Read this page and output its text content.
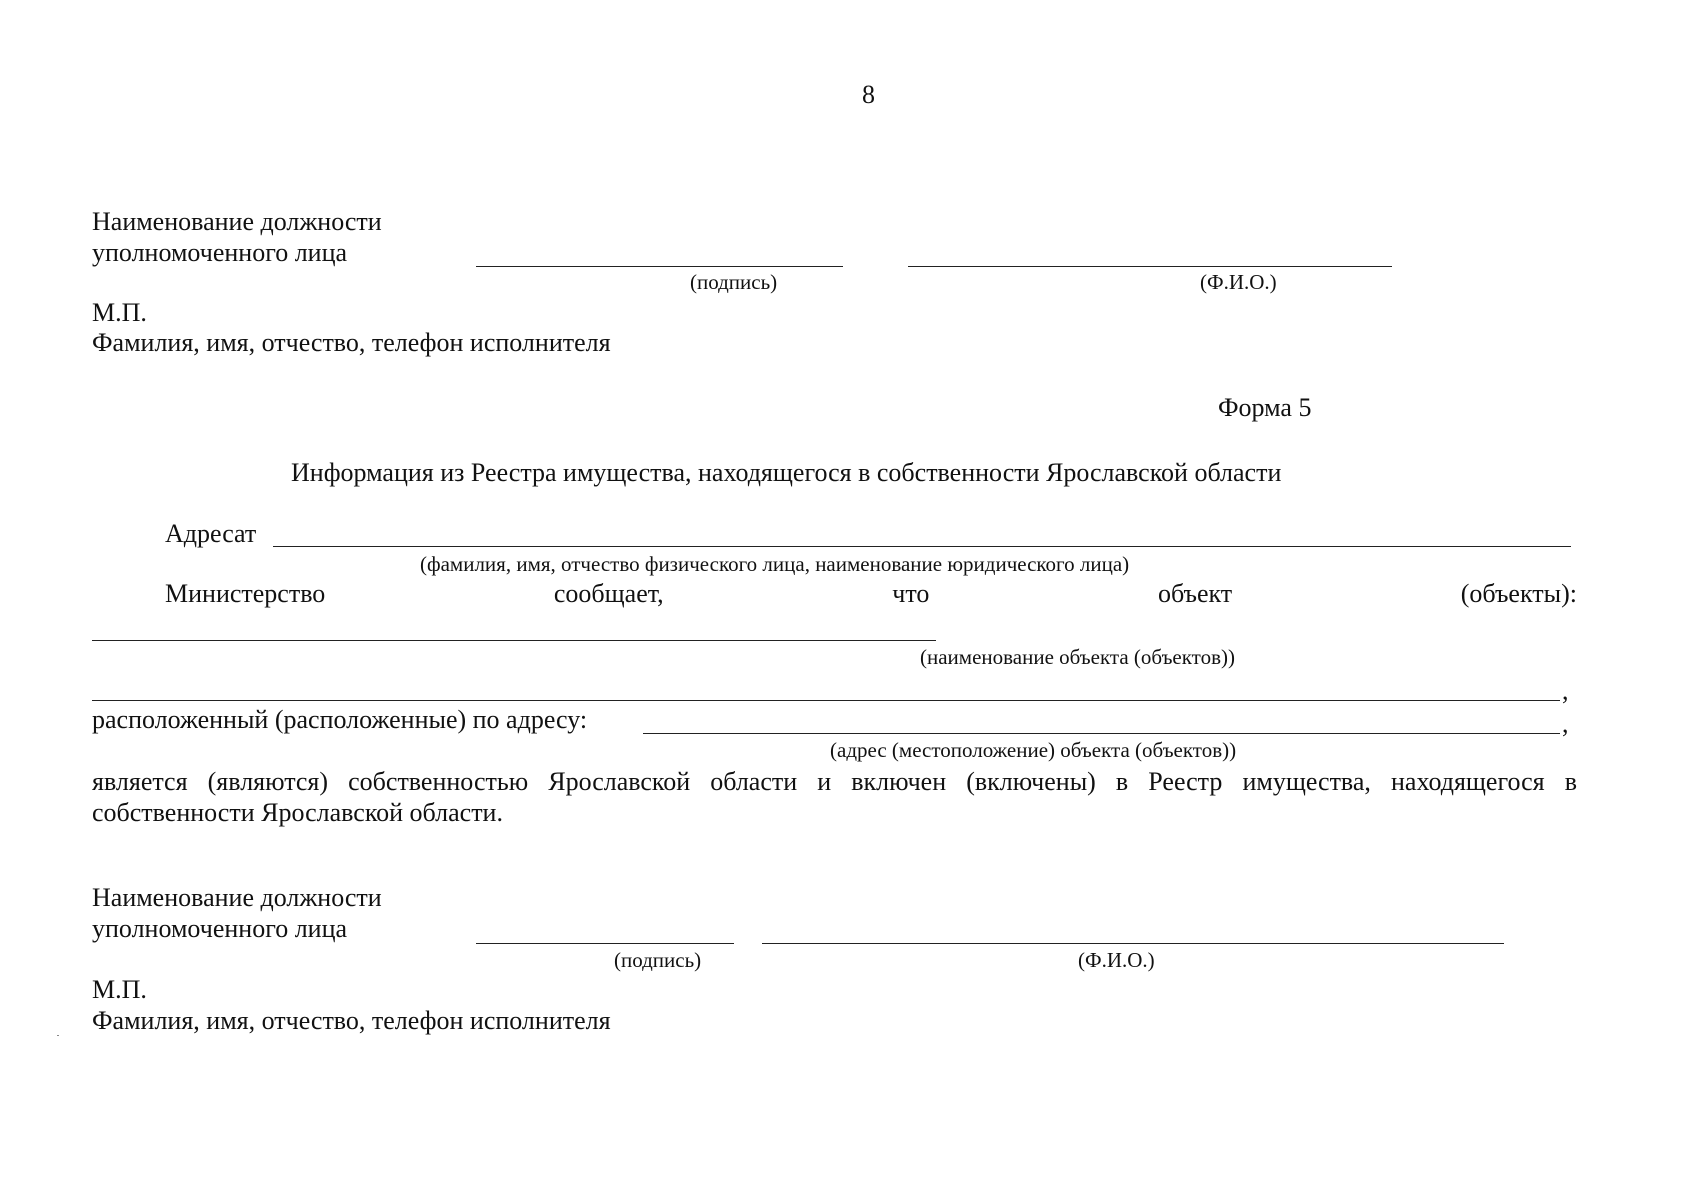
8
Наименование должности
уполномоченного лица
(подпись)	(Ф.И.О.)
М.П.
Фамилия, имя, отчество, телефон исполнителя
Форма 5
Информация из Реестра имущества, находящегося в собственности Ярославской области
Адресат
(фамилия, имя, отчество физического лица, наименование юридического лица)
Министерство	сообщает,	что	объект	(объекты):
(наименование объекта (объектов))
,
расположенный (расположенные) по адресу:	,
(адрес (местоположение) объекта (объектов))
является (являются) собственностью Ярославской области и включен (включены) в Реестр имущества, находящегося в собственности Ярославской области.
Наименование должности
уполномоченного лица
(подпись)	(Ф.И.О.)
М.П.
Фамилия, имя, отчество, телефон исполнителя
